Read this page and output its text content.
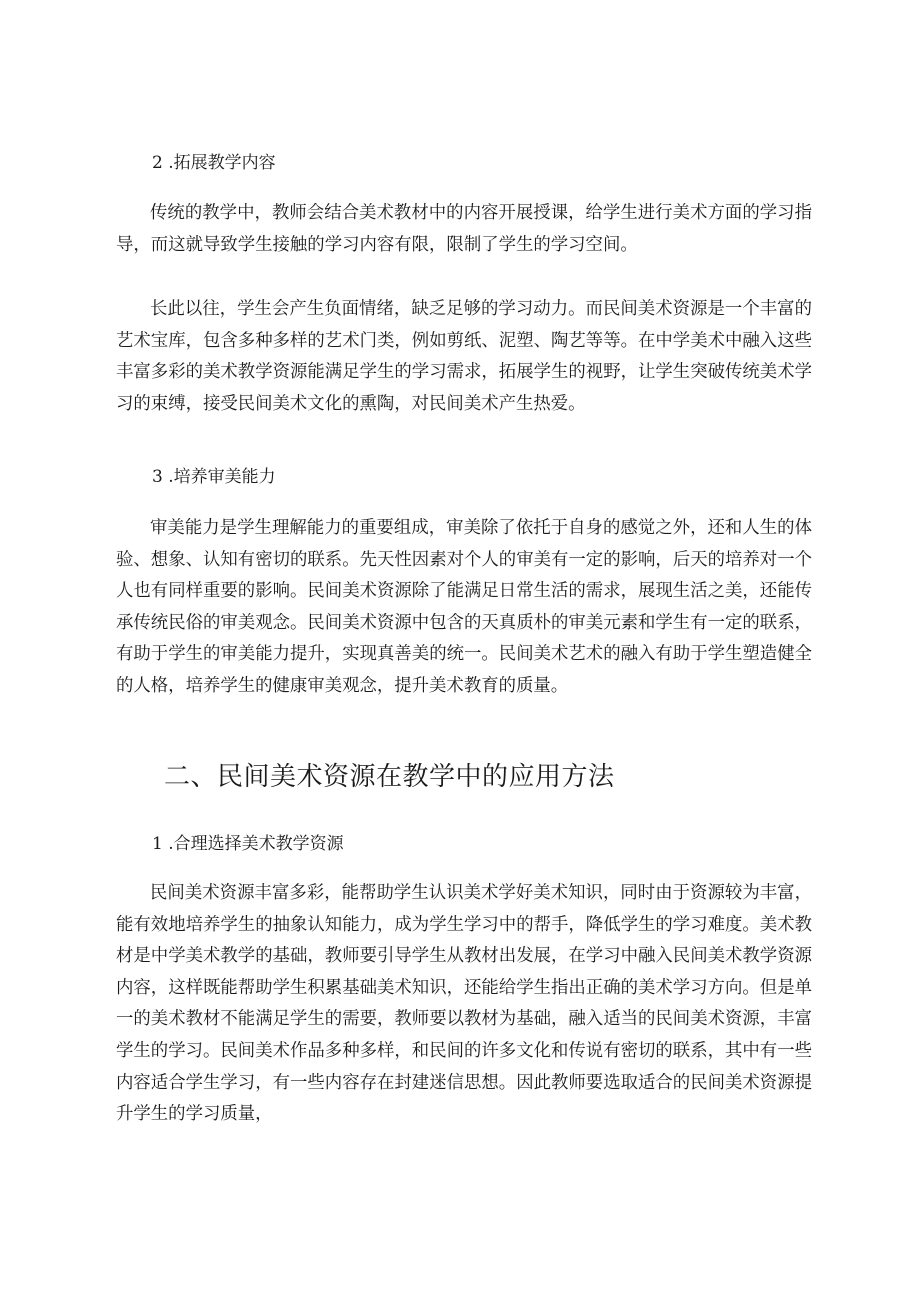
2 .拓展教学内容

传统的教学中，教师会结合美术教材中的内容开展授课，给学生进行美术方面的学习指导，而这就导致学生接触的学习内容有限，限制了学生的学习空间。

长此以往，学生会产生负面情绪，缺乏足够的学习动力。而民间美术资源是一个丰富的艺术宝库，包含多种多样的艺术门类，例如剪纸、泥塑、陶艺等等。在中学美术中融入这些丰富多彩的美术教学资源能满足学生的学习需求，拓展学生的视野，让学生突破传统美术学习的束缚，接受民间美术文化的熏陶，对民间美术产生热爱。

3 .培养审美能力

审美能力是学生理解能力的重要组成，审美除了依托于自身的感觉之外，还和人生的体验、想象、认知有密切的联系。先天性因素对个人的审美有一定的影响，后天的培养对一个人也有同样重要的影响。民间美术资源除了能满足日常生活的需求，展现生活之美，还能传承传统民俗的审美观念。民间美术资源中包含的天真质朴的审美元素和学生有一定的联系，有助于学生的审美能力提升，实现真善美的统一。民间美术艺术的融入有助于学生塑造健全的人格，培养学生的健康审美观念，提升美术教育的质量。

二、民间美术资源在教学中的应用方法
1 .合理选择美术教学资源

民间美术资源丰富多彩，能帮助学生认识美术学好美术知识，同时由于资源较为丰富，能有效地培养学生的抽象认知能力，成为学生学习中的帮手，降低学生的学习难度。美术教材是中学美术教学的基础，教师要引导学生从教材出发展，在学习中融入民间美术教学资源内容，这样既能帮助学生积累基础美术知识，还能给学生指出正确的美术学习方向。但是单一的美术教材不能满足学生的需要，教师要以教材为基础，融入适当的民间美术资源，丰富学生的学习。民间美术作品多种多样，和民间的许多文化和传说有密切的联系，其中有一些内容适合学生学习，有一些内容存在封建迷信思想。因此教师要选取适合的民间美术资源提升学生的学习质量，
